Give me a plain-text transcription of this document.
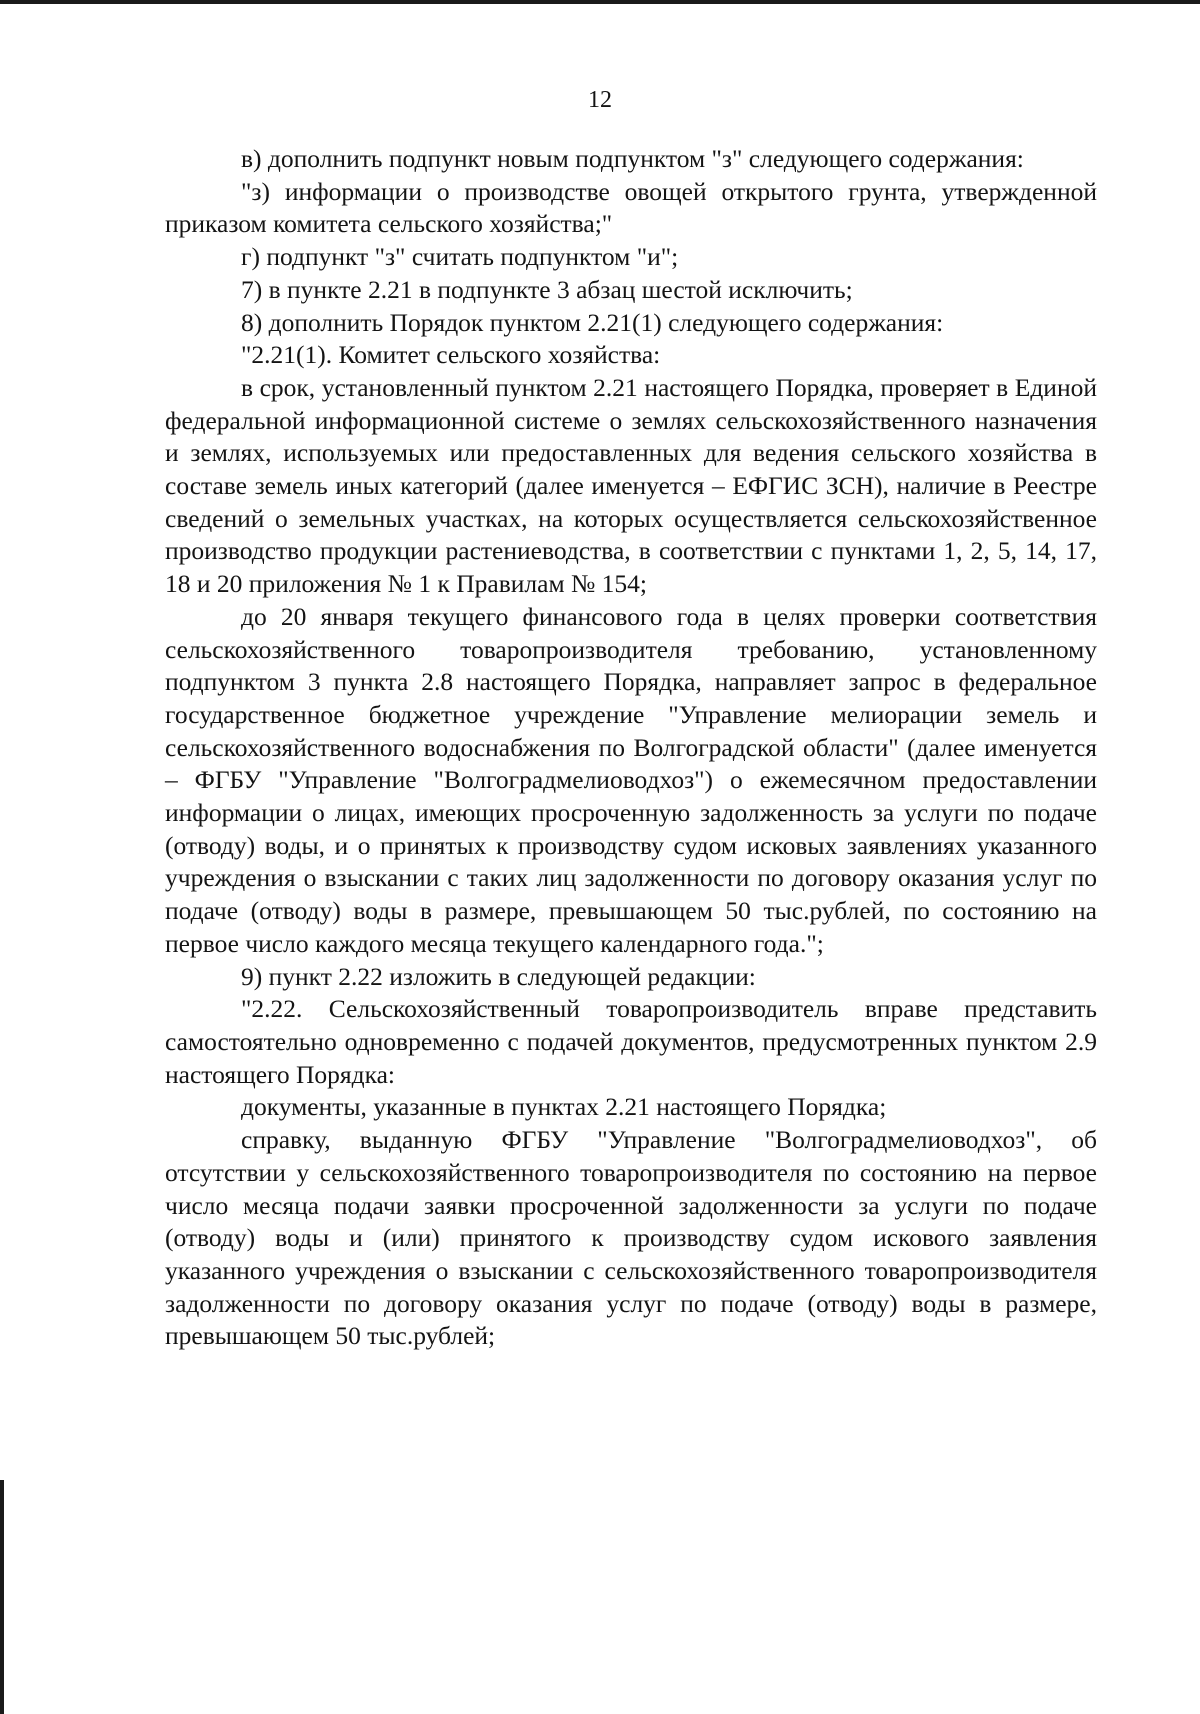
12

в) дополнить подпункт новым подпунктом "з" следующего содержания:

"з) информации о производстве овощей открытого грунта, утвержденной приказом комитета сельского хозяйства;"

г) подпункт "з" считать подпунктом "и";

7) в пункте 2.21 в подпункте 3 абзац шестой исключить;

8) дополнить Порядок пунктом 2.21(1) следующего содержания:

"2.21(1). Комитет сельского хозяйства:

в срок, установленный пунктом 2.21 настоящего Порядка, проверяет в Единой федеральной информационной системе о землях сельскохозяйственного назначения и землях, используемых или предоставленных для ведения сельского хозяйства в составе земель иных категорий (далее именуется – ЕФГИС ЗСН), наличие в Реестре сведений о земельных участках, на которых осуществляется сельскохозяйственное производство продукции растениеводства, в соответствии с пунктами 1, 2, 5, 14, 17, 18 и 20 приложения № 1 к Правилам № 154;

до 20 января текущего финансового года в целях проверки соответствия сельскохозяйственного товаропроизводителя требованию, установленному подпунктом 3 пункта 2.8 настоящего Порядка, направляет запрос в федеральное государственное бюджетное учреждение "Управление мелиорации земель и сельскохозяйственного водоснабжения по Волгоградской области" (далее именуется – ФГБУ "Управление "Волгоградмелиоводхоз") о ежемесячном предоставлении информации о лицах, имеющих просроченную задолженность за услуги по подаче (отводу) воды, и о принятых к производству судом исковых заявлениях указанного учреждения о взыскании с таких лиц задолженности по договору оказания услуг по подаче (отводу) воды в размере, превышающем 50 тыс.рублей, по состоянию на первое число каждого месяца текущего календарного года.";

9) пункт 2.22 изложить в следующей редакции:

"2.22. Сельскохозяйственный товаропроизводитель вправе представить самостоятельно одновременно с подачей документов, предусмотренных пунктом 2.9 настоящего Порядка:

документы, указанные в пунктах 2.21 настоящего Порядка;

справку, выданную ФГБУ "Управление "Волгоградмелиоводхоз", об отсутствии у сельскохозяйственного товаропроизводителя по состоянию на первое число месяца подачи заявки просроченной задолженности за услуги по подаче (отводу) воды и (или) принятого к производству судом искового заявления указанного учреждения о взыскании с сельскохозяйственного товаропроизводителя задолженности по договору оказания услуг по подаче (отводу) воды в размере, превышающем 50 тыс.рублей;
